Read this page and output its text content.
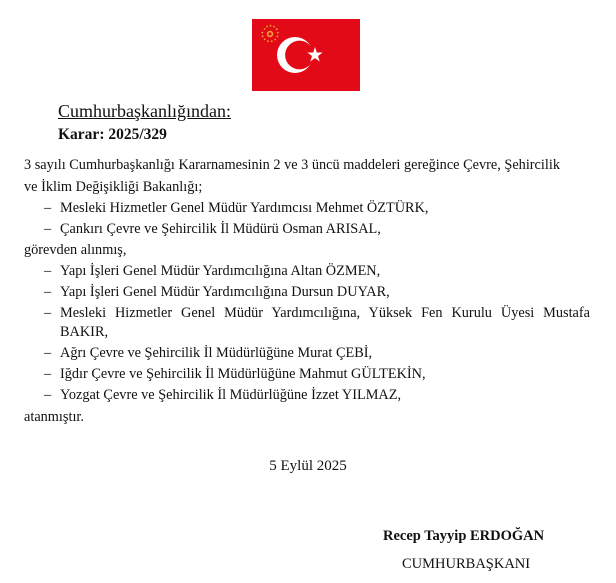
Cumhurbaşkanlığından:
Karar: 2025/329
3 sayılı Cumhurbaşkanlığı Kararnamesinin 2 ve 3 üncü maddeleri gereğince Çevre, Şehircilik
ve İklim Değişikliği Bakanlığı;
– Mesleki Hizmetler Genel Müdür Yardımcısı Mehmet ÖZTÜRK,
– Çankırı Çevre ve Şehircilik İl Müdürü Osman ARISAL,
görevden alınmış,
– Yapı İşleri Genel Müdür Yardımcılığına Altan ÖZMEN,
– Yapı İşleri Genel Müdür Yardımcılığına Dursun DUYAR,
– Mesleki Hizmetler Genel Müdür Yardımcılığına, Yüksek Fen Kurulu Üyesi Mustafa
BAKIR,
– Ağrı Çevre ve Şehircilik İl Müdürlüğüne Murat ÇEBİ,
– Iğdır Çevre ve Şehircilik İl Müdürlüğüne Mahmut GÜLTEKİN,
– Yozgat Çevre ve Şehircilik İl Müdürlüğüne İzzet YILMAZ,
atanmıştır.
5 Eylül 2025
Recep Tayyip ERDOĞAN
CUMHURBAŞKANI
